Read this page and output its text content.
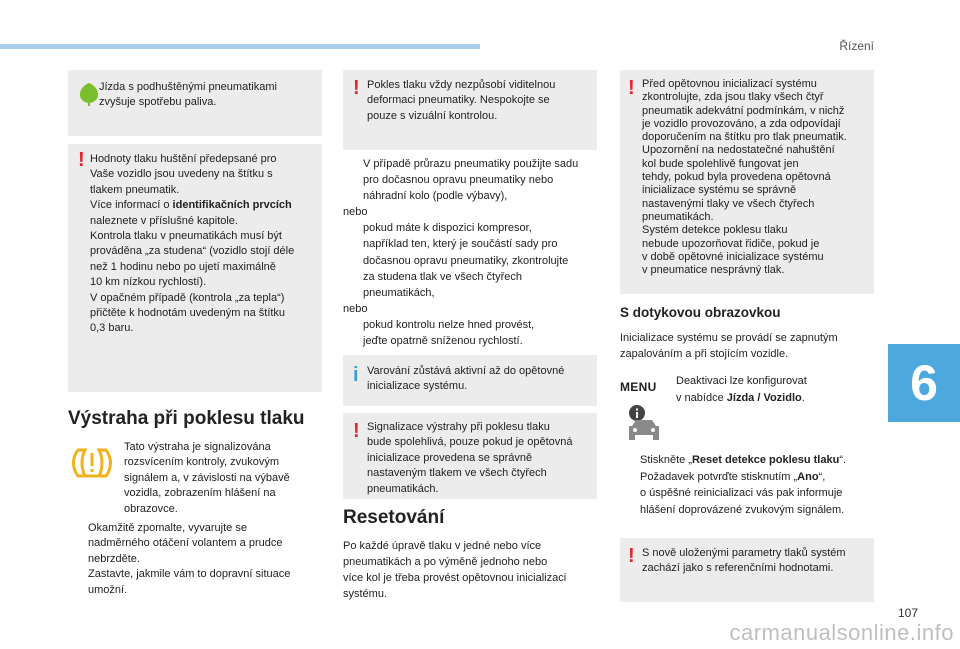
Řízení
6
107
carmanualsonline.info
Jízda s podhuštěnými pneumatikami
zvyšuje spotřebu paliva.
! Hodnoty tlaku huštění předepsané pro
Vaše vozidlo jsou uvedeny na štítku s
tlakem pneumatik.
Více informací o identifikačních prvcích
naleznete v příslušné kapitole.
Kontrola tlaku v pneumatikách musí být
prováděna „za studena“ (vozidlo stojí déle
než 1 hodinu nebo po ujetí maximálně
10 km nízkou rychlostí).
V opačném případě (kontrola „za tepla“)
přičtěte k hodnotám uvedeným na štítku
0,3 baru.
Výstraha při poklesu tlaku
Tato výstraha je signalizována
rozsvícením kontroly, zvukovým
signálem a, v závislosti na výbavě
vozidla, zobrazením hlášení na
obrazovce.
Okamžitě zpomalte, vyvarujte se
nadměrného otáčení volantem a prudce
nebrzděte.
Zastavte, jakmile vám to dopravní situace
umožní.
! Pokles tlaku vždy nezpůsobí viditelnou
deformaci pneumatiky. Nespokojte se
pouze s vizuální kontrolou.
V případě průrazu pneumatiky použijte sadu
pro dočasnou opravu pneumatiky nebo
náhradní kolo (podle výbavy),
nebo
pokud máte k dispozici kompresor,
například ten, který je součástí sady pro
dočasnou opravu pneumatiky, zkontrolujte
za studena tlak ve všech čtyřech
pneumatikách,
nebo
pokud kontrolu nelze hned provést,
jeďte opatrně sníženou rychlostí.
i Varování zůstává aktivní až do opětovné
inicializace systému.
! Signalizace výstrahy při poklesu tlaku
bude spolehlivá, pouze pokud je opětovná
inicializace provedena se správně
nastaveným tlakem ve všech čtyřech
pneumatikách.
Resetování
Po každé úpravě tlaku v jedné nebo více
pneumatikách a po výměně jednoho nebo
více kol je třeba provést opětovnou inicializaci
systému.
! Před opětovnou inicializací systému
zkontrolujte, zda jsou tlaky všech čtyř
pneumatik adekvátní podmínkám, v nichž
je vozidlo provozováno, a zda odpovídají
doporučením na štítku pro tlak pneumatik.
Upozornění na nedostatečné nahuštění
kol bude spolehlivě fungovat jen
tehdy, pokud byla provedena opětovná
inicializace systému se správně
nastavenými tlaky ve všech čtyřech
pneumatikách.
Systém detekce poklesu tlaku
nebude upozorňovat řidiče, pokud je
v době opětovné inicializace systému
v pneumatice nesprávný tlak.
S dotykovou obrazovkou
Inicializace systému se provádí se zapnutým
zapalováním a při stojícím vozidle.
MENU Deaktivaci lze konfigurovat
v nabídce Jízda / Vozidlo.
Stiskněte „Reset detekce poklesu tlaku“.
Požadavek potvrďte stisknutím „Ano“,
o úspěšné reinicializaci vás pak informuje
hlášení doprovázené zvukovým signálem.
! S nově uloženými parametry tlaků systém
zachází jako s referenčními hodnotami.
